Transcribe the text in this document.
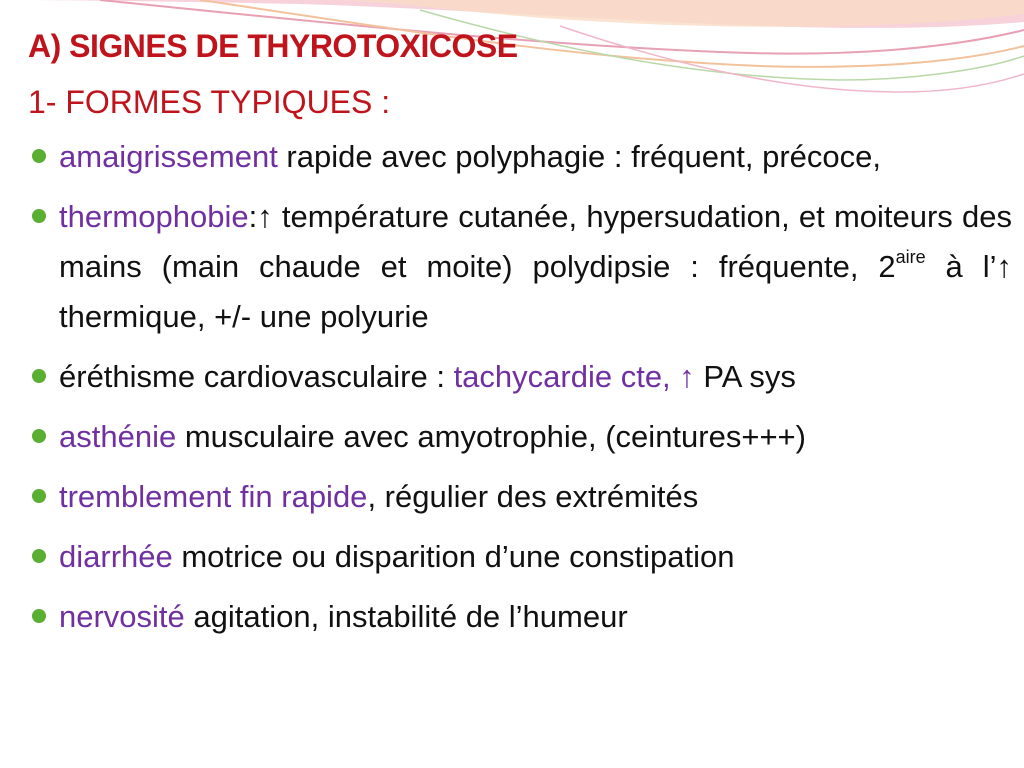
A) SIGNES DE THYROTOXICOSE
1- FORMES TYPIQUES :
amaigrissement rapide avec polyphagie : fréquent, précoce,
thermophobie:↑ température cutanée, hypersudation, et moiteurs des mains (main chaude et moite) polydipsie : fréquente, $2^{aire}$ à l’↑ thermique, +/- une polyurie
éréthisme cardiovasculaire : tachycardie cte, ↑ PA sys
asthénie musculaire avec amyotrophie, (ceintures+++)
tremblement fin rapide, régulier des extrémités
diarrhée motrice ou disparition d’une constipation
nervosité agitation, instabilité de l’humeur
